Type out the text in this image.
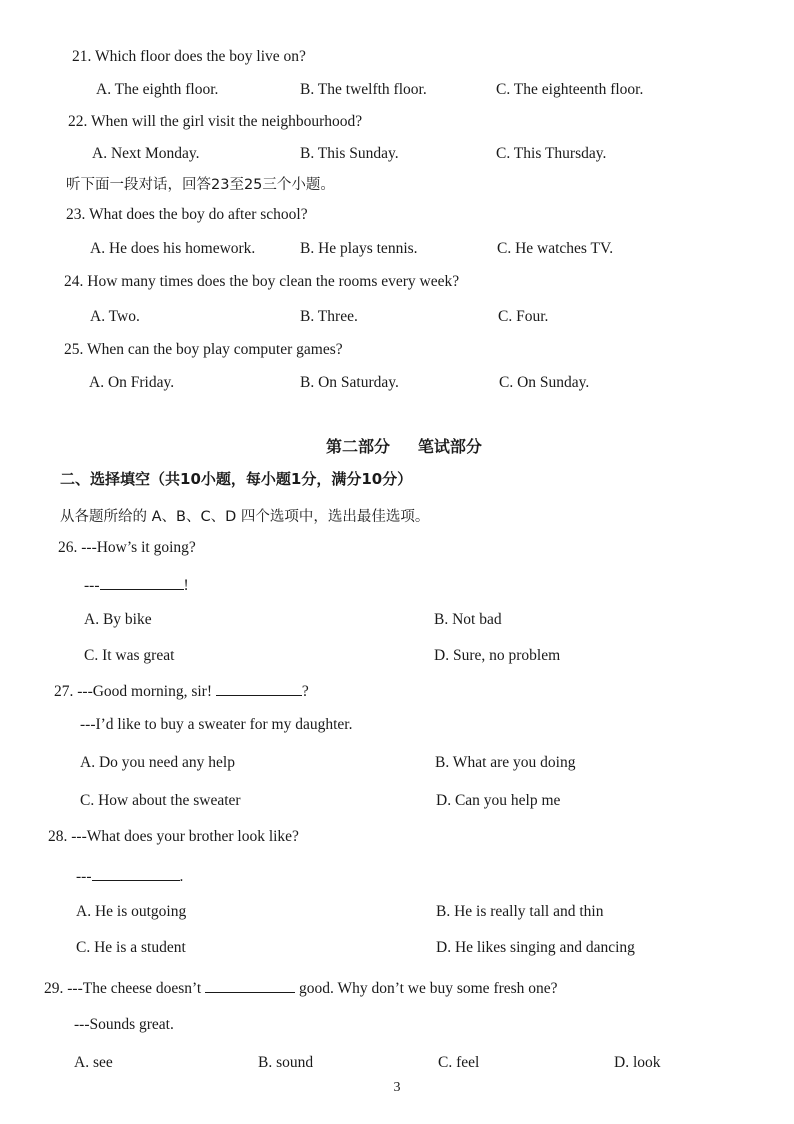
21. Which floor does the boy live on?
A. The eighth floor.	B. The twelfth floor.	C. The eighteenth floor.
22. When will the girl visit the neighbourhood?
A. Next Monday.	B. This Sunday.	C. This Thursday.
听下面一段对话，回答23至25三个小题。
23. What does the boy do after school?
A. He does his homework.	B. He plays tennis.	C. He watches TV.
24. How many times does the boy clean the rooms every week?
A. Two.	B. Three.	C. Four.
25. When can the boy play computer games?
A. On Friday.	B. On Saturday.	C. On Sunday.
第二部分     笔试部分
二、选择填空（共10小题，每小题1分，满分10分）
从各题所给的 A、B、C、D 四个选项中，选出最佳选项。
26. ---How’s it going?
---	!
A. By bike	B. Not bad
C. It was great	D. Sure, no problem
27. ---Good morning, sir!	?
---I’d like to buy a sweater for my daughter.
A. Do you need any help	B. What are you doing
C. How about the sweater	D. Can you help me
28. ---What does your brother look like?
---	.
A. He is outgoing	B. He is really tall and thin
C. He is a student	D. He likes singing and dancing
29. ---The cheese doesn’t	good. Why don’t we buy some fresh one?
---Sounds great.
A. see	B. sound	C. feel	D. look
3
